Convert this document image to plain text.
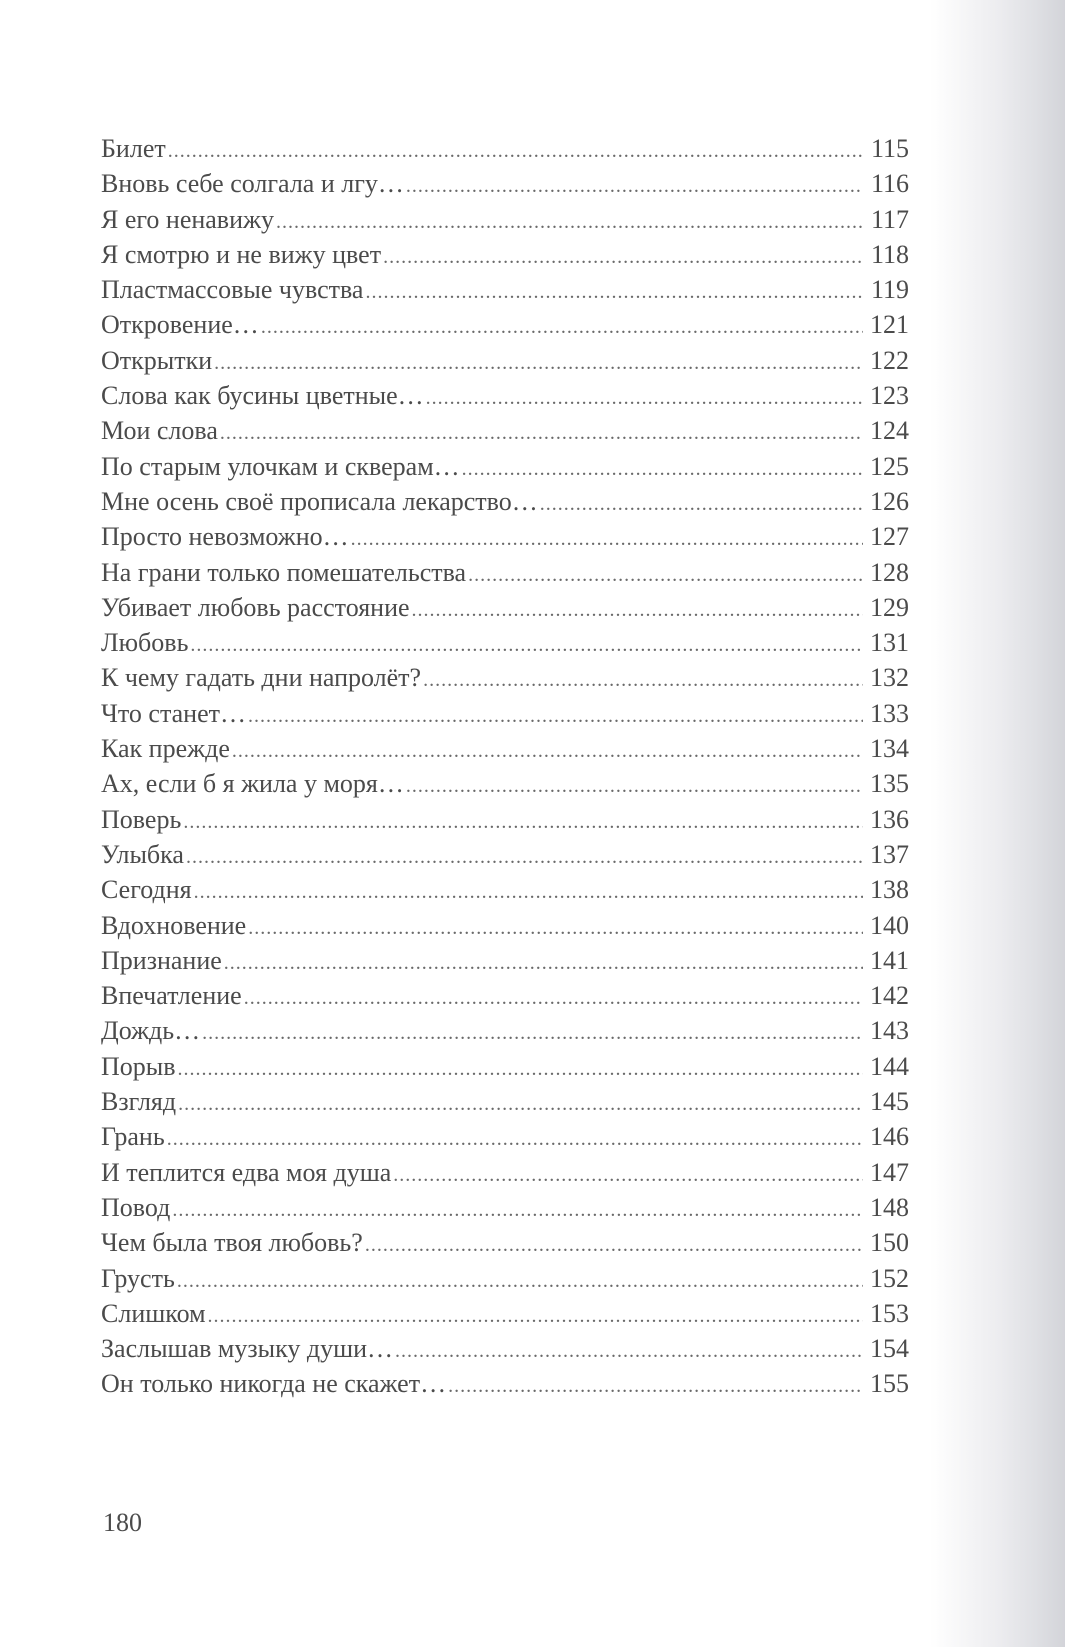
Билет .....	115
Вновь себе солгала и лгу… .....	116
Я его ненавижу .....	117
Я смотрю и не вижу цвет .....	118
Пластмассовые чувства .....	119
Откровение… .....	121
Открытки .....	122
Слова как бусины цветные… .....	123
Мои слова .....	124
По старым улочкам и скверам… .....	125
Мне осень своё прописала лекарство… .....	126
Просто невозможно… .....	127
На грани только помешательства .....	128
Убивает любовь расстояние .....	129
Любовь .....	131
К чему гадать дни напролёт? .....	132
Что станет… .....	133
Как прежде .....	134
Ах, если б я жила у моря… .....	135
Поверь .....	136
Улыбка .....	137
Сегодня .....	138
Вдохновение .....	140
Признание .....	141
Впечатление .....	142
Дождь… .....	143
Порыв .....	144
Взгляд .....	145
Грань .....	146
И теплится едва моя душа .....	147
Повод .....	148
Чем была твоя любовь? .....	150
Грусть .....	152
Слишком .....	153
Заслышав музыку души… .....	154
Он только никогда не скажет… .....	155
180
